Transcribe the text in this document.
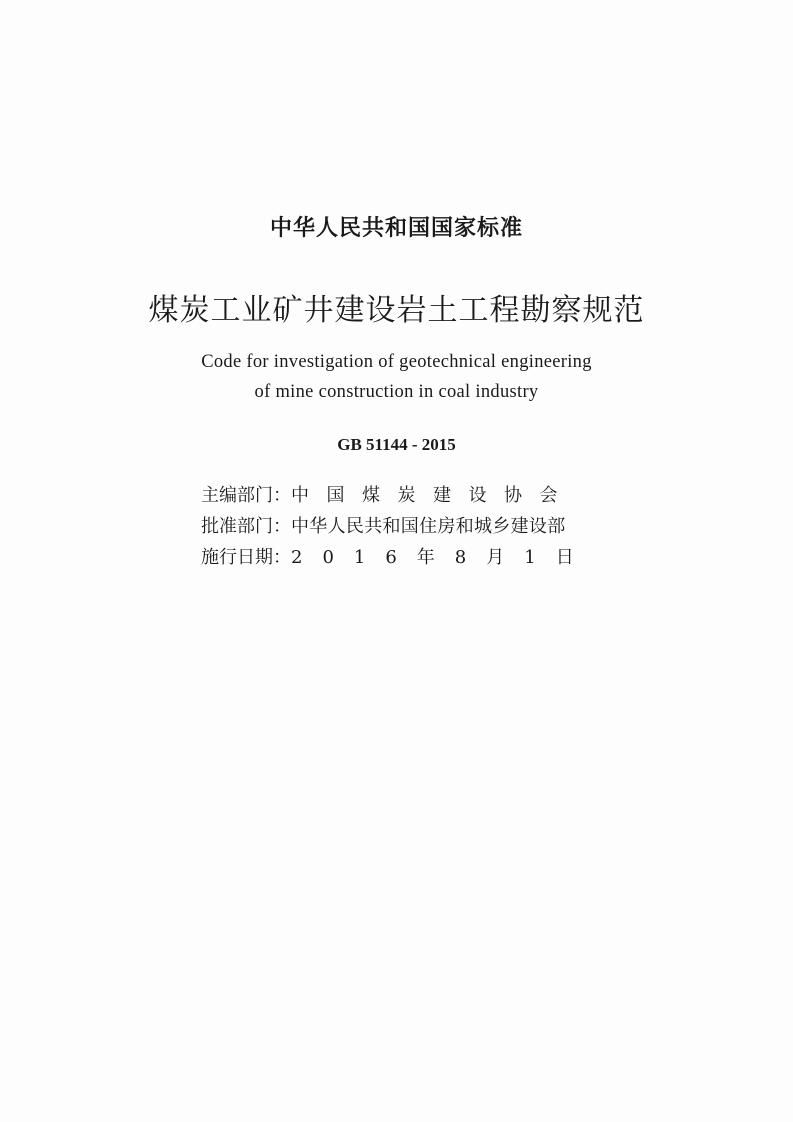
中华人民共和国国家标准
煤炭工业矿井建设岩土工程勘察规范
Code for investigation of geotechnical engineering
of mine construction in coal industry
GB 51144 - 2015
主编部门：中国煤炭建设协会
批准部门：中华人民共和国住房和城乡建设部
施行日期：2016年8月1日
